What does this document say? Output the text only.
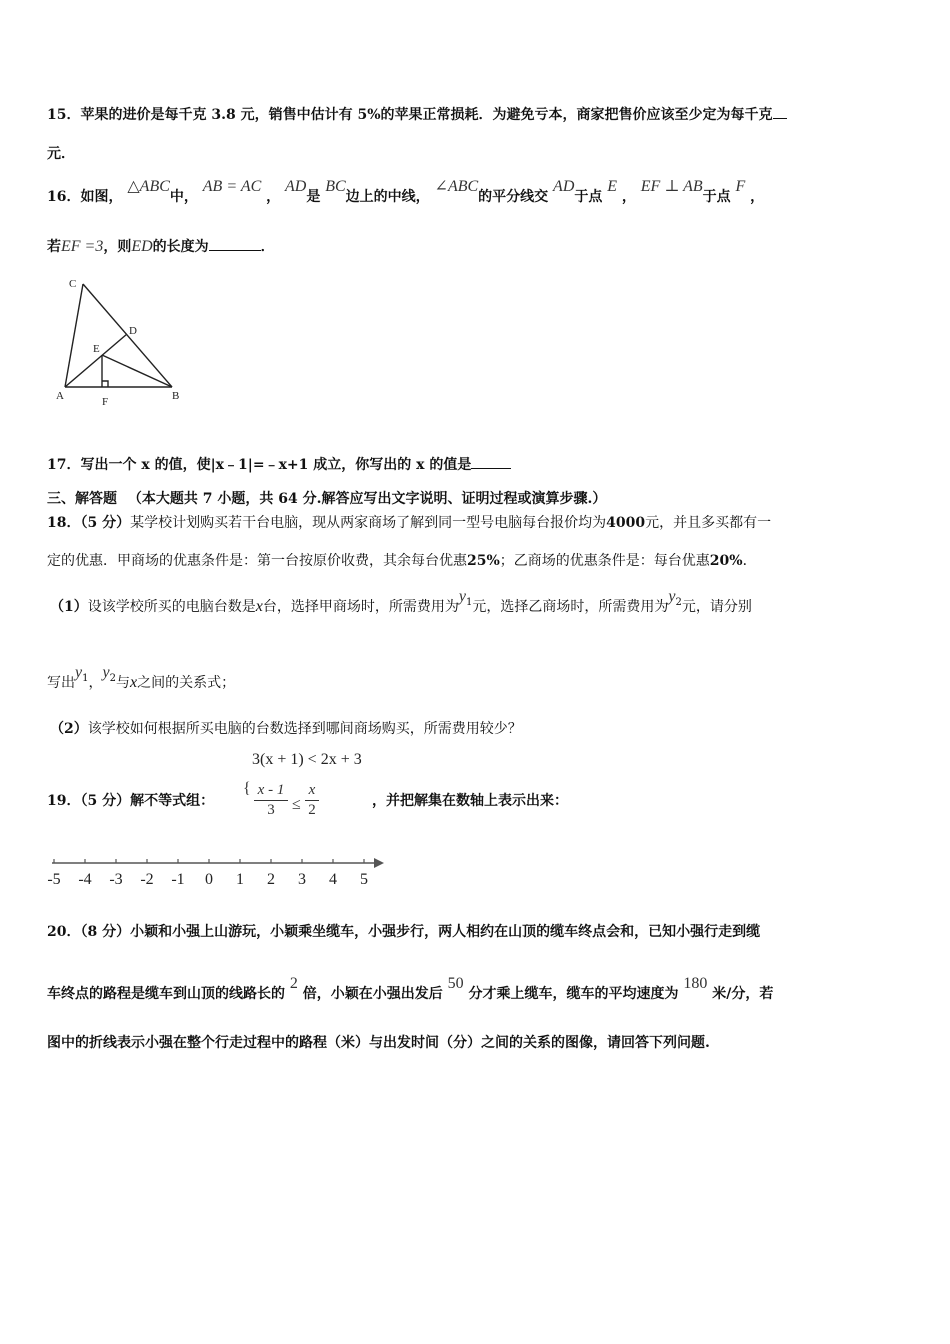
15．苹果的进价是每千克 3.8 元，销售中估计有 5%的苹果正常损耗．为避免亏本，商家把售价应该至少定为每千克
元．
16．如图， △ABC中， AB = AC ， AD是 BC边上的中线， ∠ABC的平分线交 AD于点 E ， EF ⊥ AB于点 F ，
若EF =3，则ED的长度为	．
C
D
E
A	F	B
17．写出一个 x 的值，使|x﹣1|=﹣x+1 成立，你写出的 x 的值是
三、解答题 （本大题共 7 小题，共 64 分.解答应写出文字说明、证明过程或演算步骤.）
18．（5 分）某学校计划购买若干台电脑，现从两家商场了解到同一型号电脑每台报价均为4000元，并且多买都有一
定的优惠．甲商场的优惠条件是：第一台按原价收费，其余每台优惠25%；乙商场的优惠条件是：每台优惠20%．
（1）设该学校所买的电脑台数是x台，选择甲商场时，所需费用为$y_1$元，选择乙商场时，所需费用为$y_2$元，请分别
写出$y_1$，$y_2$与x之间的关系式；
（2）该学校如何根据所买电脑的台数选择到哪间商场购买，所需费用较少？
3(x + 1) < 2x + 3
19．（5 分）解不等式组：
{ x - 1
3	≤
x
2
，并把解集在数轴上表示出来：
-5 -4 -3 -2 -1 0 1 2 3 4 5
20．（8 分）小颖和小强上山游玩，小颖乘坐缆车，小强步行，两人相约在山顶的缆车终点会和，已知小强行走到缆
车终点的路程是缆车到山顶的线路长的 2 倍，小颖在小强出发后 50 分才乘上缆车，缆车的平均速度为 180 米/分，若
图中的折线表示小强在整个行走过程中的路程（米）与出发时间（分）之间的关系的图像，请回答下列问题.
